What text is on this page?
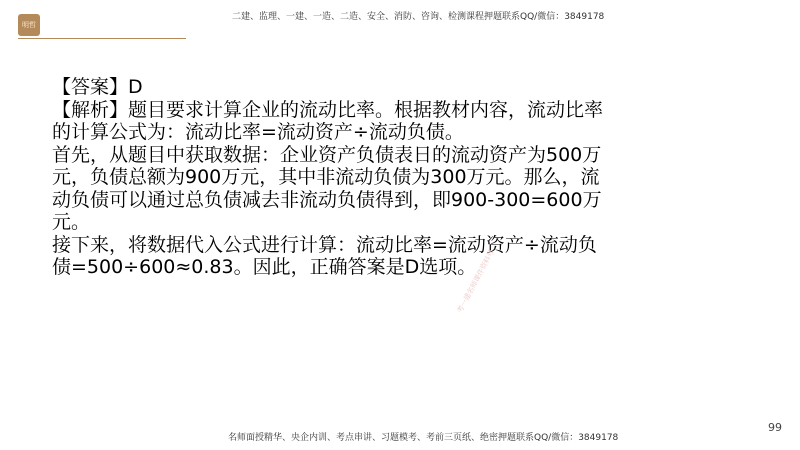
明哲
二建、监理、一建、一造、二造、安全、消防、咨询、检测课程押题联系QQ/微信：3849178

【答案】D

【解析】题目要求计算企业的流动比率。根据教材内容，流动比率的计算公式为：流动比率=流动资产÷流动负债。

首先，从题目中获取数据：企业资产负债表日的流动资产为500万元，负债总额为900万元，其中非流动负债为300万元。那么，流动负债可以通过总负债减去非流动负债得到，即900-300=600万元。

接下来，将数据代入公式进行计算：流动比率=流动资产÷流动负债=500÷600≈0.83。因此，正确答案是D选项。

考一建名师课件资料号
99
名师面授精华、央企内训、考点串讲、习题模考、考前三页纸、绝密押题联系QQ/微信：3849178
